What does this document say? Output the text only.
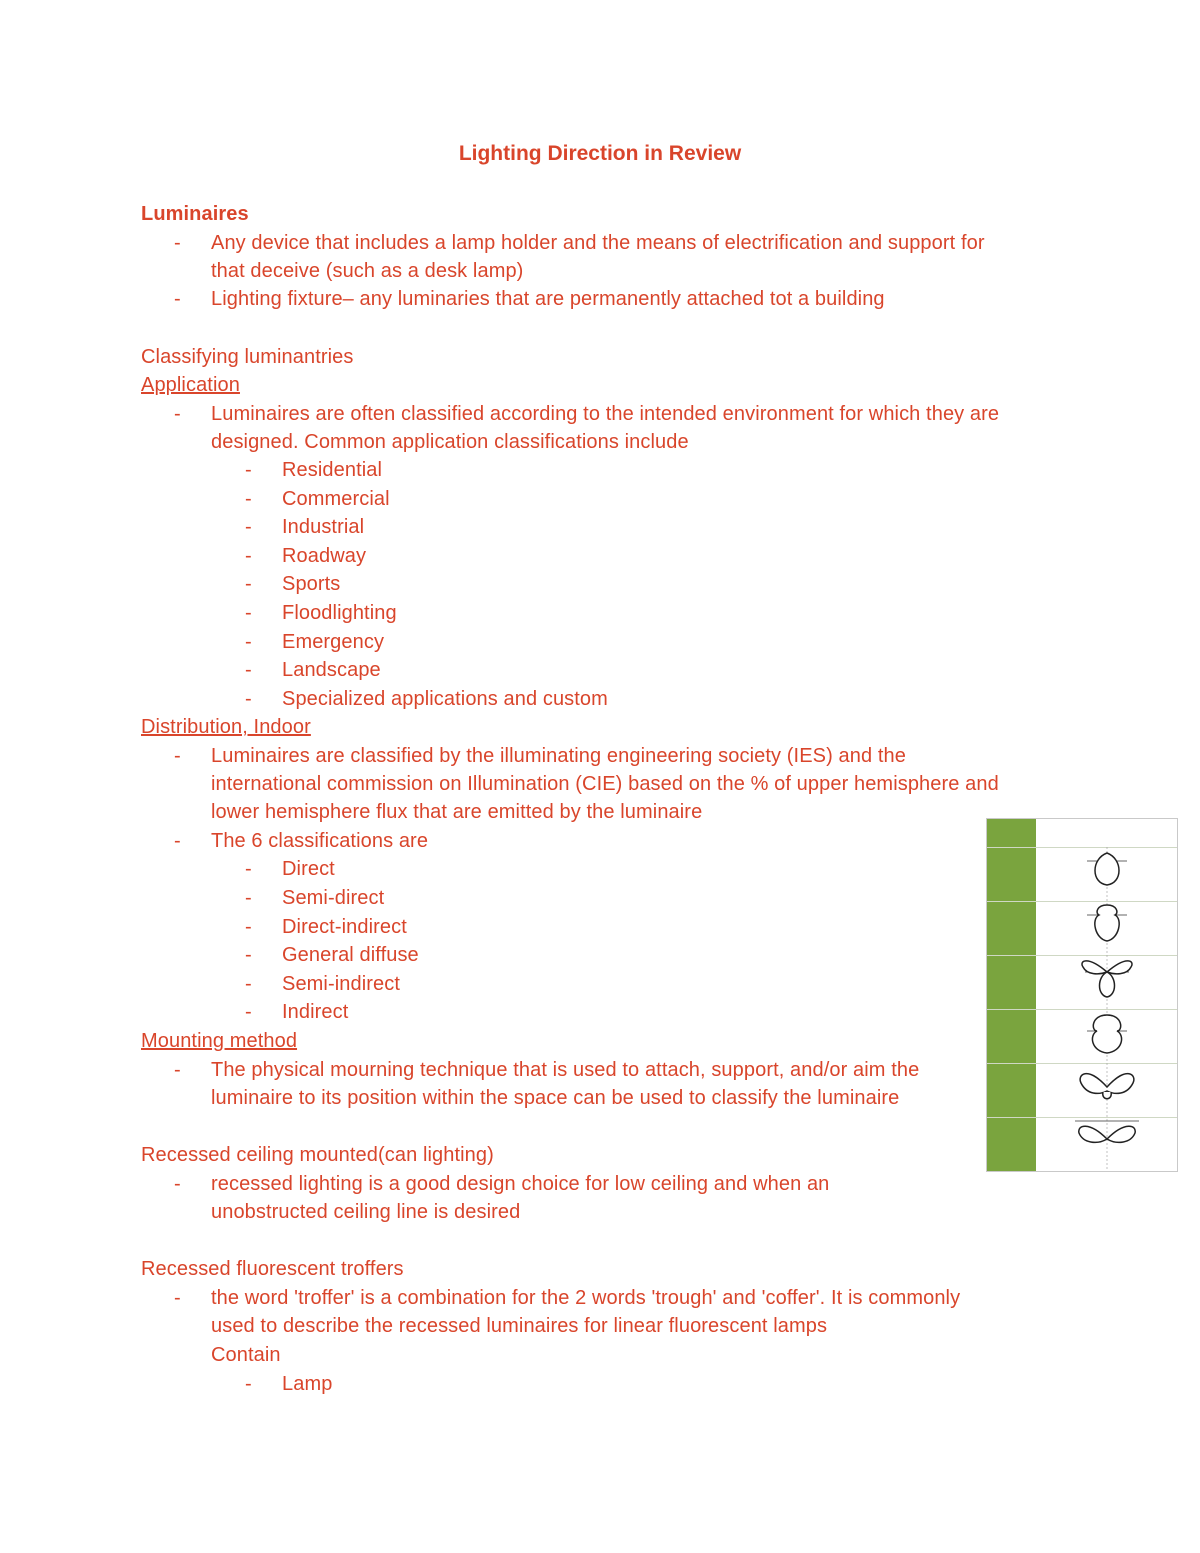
Lighting Direction in Review
Luminaires
- Any device that includes a lamp holder and the means of electrification and support for
that deceive (such as a desk lamp)
- Lighting fixture– any luminaries that are permanently attached tot a building
Classifying luminantries
Application
- Luminaires are often classified according to the intended environment for which they are
designed. Common application classifications include
- Residential
- Commercial
- Industrial
- Roadway
- Sports
- Floodlighting
- Emergency
- Landscape
- Specialized applications and custom
Distribution, Indoor
- Luminaires are classified by the illuminating engineering society (IES) and the
international commission on Illumination (CIE) based on the % of upper hemisphere and
lower hemisphere flux that are emitted by the luminaire
- The 6 classifications are
- Direct
- Semi-direct
- Direct-indirect
- General diffuse
- Semi-indirect
- Indirect
Mounting method
- The physical mourning technique that is used to attach, support, and/or aim the
luminaire to its position within the space can be used to classify the luminaire
Recessed ceiling mounted(can lighting)
- recessed lighting is a good design choice for low ceiling and when an
unobstructed ceiling line is desired
Recessed fluorescent troffers
- the word 'troffer' is a combination for the 2 words 'trough' and 'coffer'. It is commonly
used to describe the recessed luminaires for linear fluorescent lamps
Contain
- Lamp
